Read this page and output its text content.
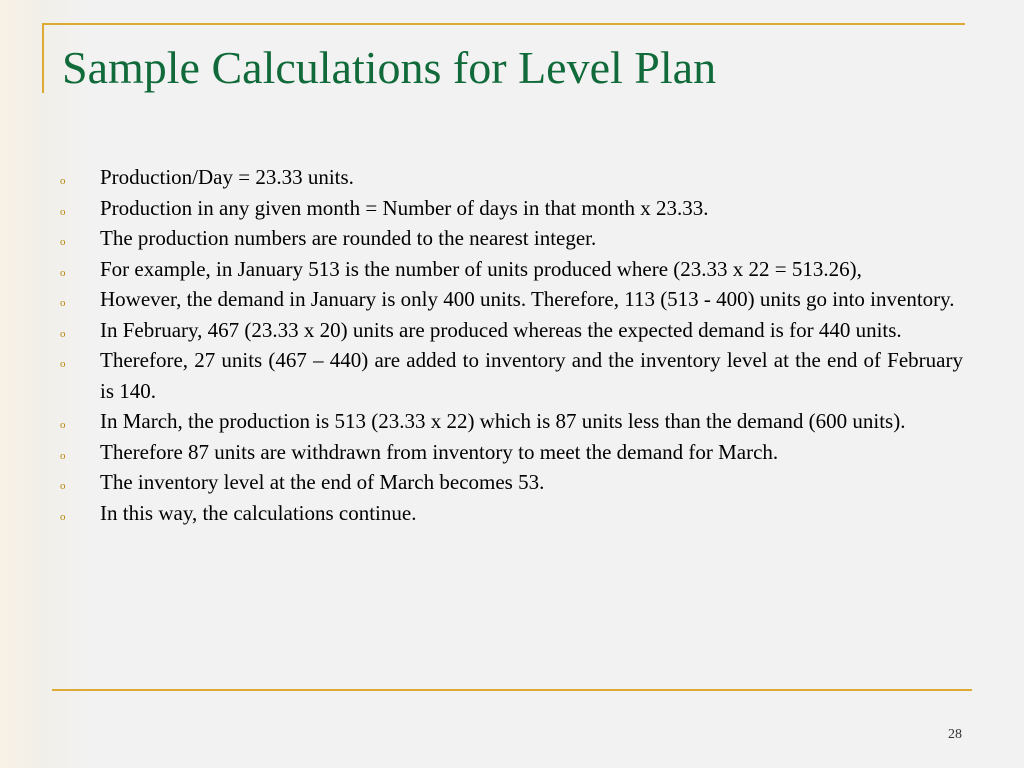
Sample Calculations for Level Plan
o	Production/Day = 23.33 units.
o	Production in any given month = Number of days in that month x 23.33.
o	The production numbers are rounded to the nearest integer.
o	For example, in January 513 is the number of units produced where (23.33 x 22 = 513.26),
o	However, the demand in January is only 400 units. Therefore, 113 (513 - 400) units go into inventory.
o	In February, 467 (23.33 x 20) units are produced whereas the expected demand is for 440 units.
o	Therefore, 27 units (467 – 440) are added to inventory and the inventory level at the end of February is 140.
o	In March, the production is 513 (23.33 x 22) which is 87 units less than the demand (600 units).
o	Therefore 87 units are withdrawn from inventory to meet the demand for March.
o	The inventory level at the end of March becomes 53.
o	In this way, the calculations continue.
28
